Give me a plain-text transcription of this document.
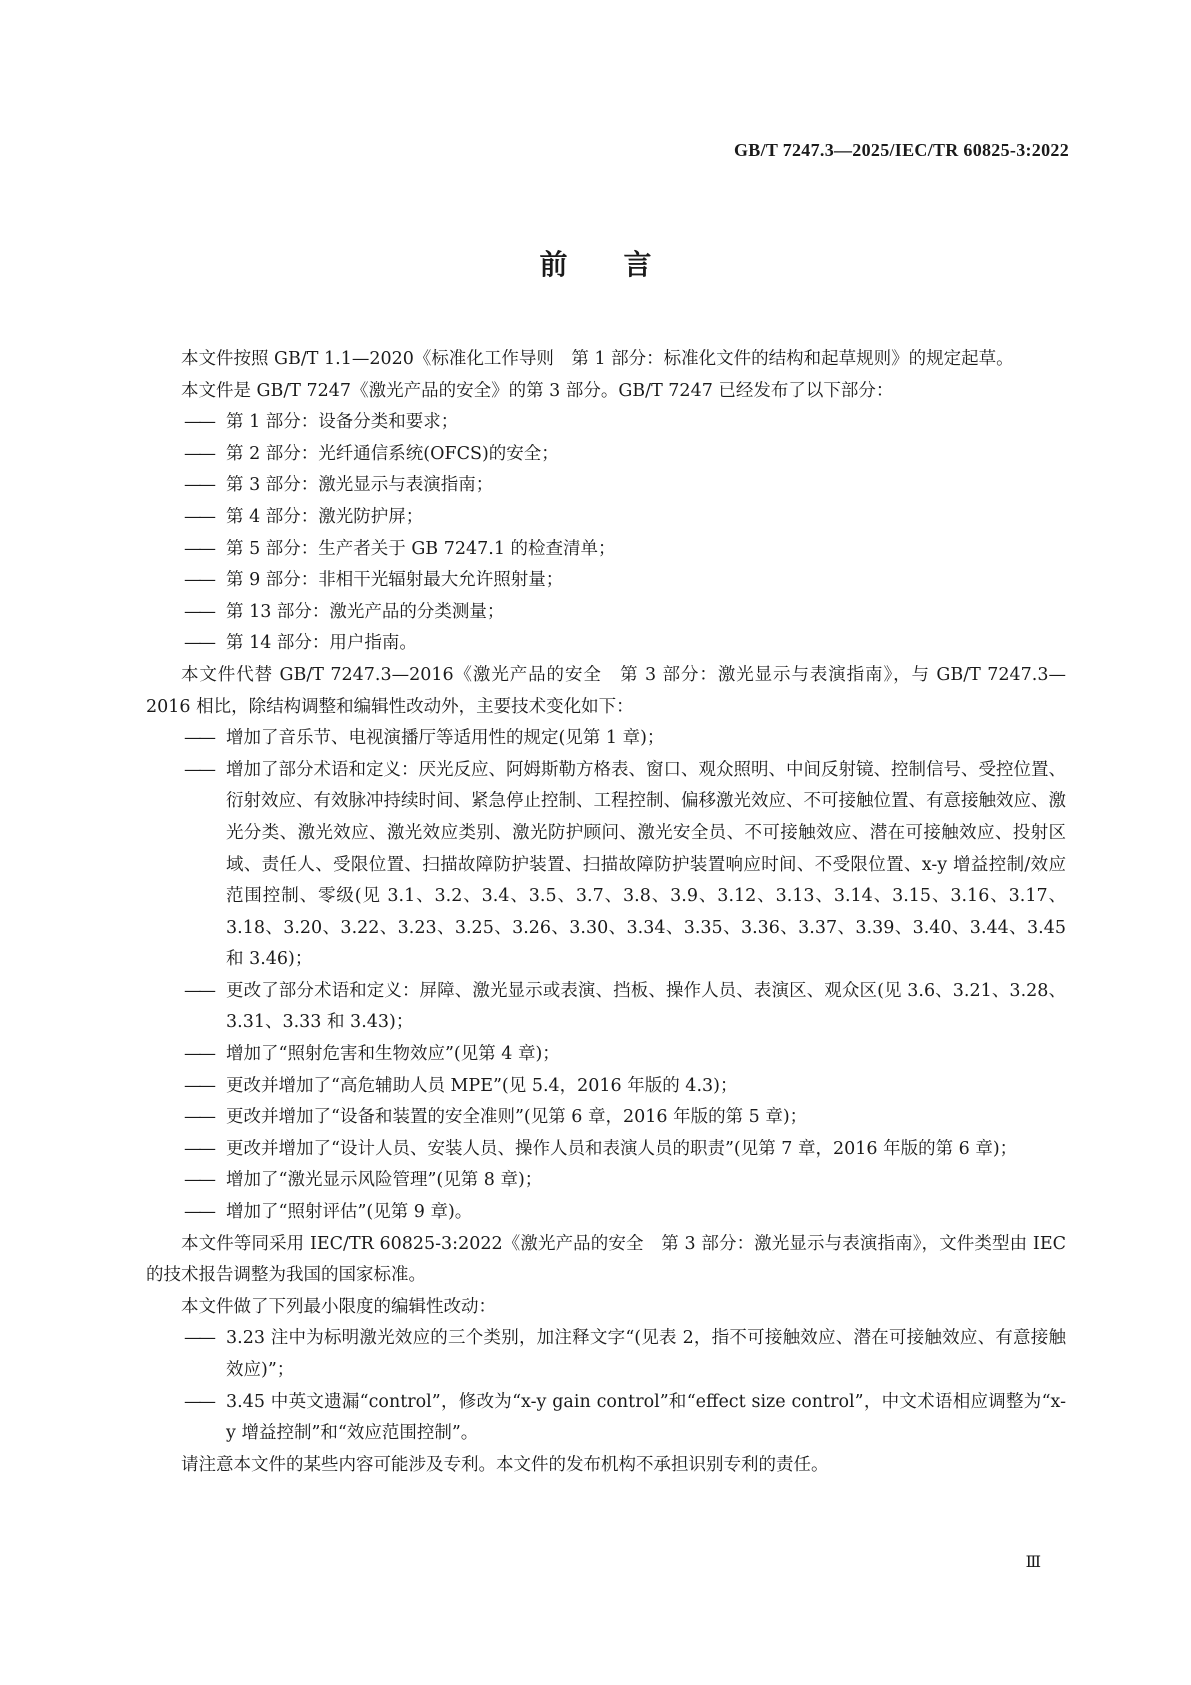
GB/T 7247.3—2025/IEC/TR 60825-3:2022
前言

本文件按照 GB/T 1.1—2020《标准化工作导则　第 1 部分：标准化文件的结构和起草规则》的规定起草。

本文件是 GB/T 7247《激光产品的安全》的第 3 部分。GB/T 7247 已经发布了以下部分：

—— 第 1 部分：设备分类和要求；
—— 第 2 部分：光纤通信系统(OFCS)的安全；
—— 第 3 部分：激光显示与表演指南；
—— 第 4 部分：激光防护屏；
—— 第 5 部分：生产者关于 GB 7247.1 的检查清单；
—— 第 9 部分：非相干光辐射最大允许照射量；
—— 第 13 部分：激光产品的分类测量；
—— 第 14 部分：用户指南。

本文件代替 GB/T 7247.3—2016《激光产品的安全　第 3 部分：激光显示与表演指南》，与 GB/T 7247.3—2016 相比，除结构调整和编辑性改动外，主要技术变化如下：

—— 增加了音乐节、电视演播厅等适用性的规定(见第 1 章)；
—— 增加了部分术语和定义：厌光反应、阿姆斯勒方格表、窗口、观众照明、中间反射镜、控制信号、受控位置、衍射效应、有效脉冲持续时间、紧急停止控制、工程控制、偏移激光效应、不可接触位置、有意接触效应、激光分类、激光效应、激光效应类别、激光防护顾问、激光安全员、不可接触效应、潜在可接触效应、投射区域、责任人、受限位置、扫描故障防护装置、扫描故障防护装置响应时间、不受限位置、x-y 增益控制/效应范围控制、零级(见 3.1、3.2、3.4、3.5、3.7、3.8、3.9、3.12、3.13、3.14、3.15、3.16、3.17、3.18、3.20、3.22、3.23、3.25、3.26、3.30、3.34、3.35、3.36、3.37、3.39、3.40、3.44、3.45 和 3.46)；
—— 更改了部分术语和定义：屏障、激光显示或表演、挡板、操作人员、表演区、观众区(见 3.6、3.21、3.28、3.31、3.33 和 3.43)；
—— 增加了“照射危害和生物效应”(见第 4 章)；
—— 更改并增加了“高危辅助人员 MPE”(见 5.4，2016 年版的 4.3)；
—— 更改并增加了“设备和装置的安全准则”(见第 6 章，2016 年版的第 5 章)；
—— 更改并增加了“设计人员、安装人员、操作人员和表演人员的职责”(见第 7 章，2016 年版的第 6 章)；
—— 增加了“激光显示风险管理”(见第 8 章)；
—— 增加了“照射评估”(见第 9 章)。

本文件等同采用 IEC/TR 60825-3:2022《激光产品的安全　第 3 部分：激光显示与表演指南》，文件类型由 IEC 的技术报告调整为我国的国家标准。

本文件做了下列最小限度的编辑性改动：

—— 3.23 注中为标明激光效应的三个类别，加注释文字“(见表 2，指不可接触效应、潜在可接触效应、有意接触效应)”；
—— 3.45 中英文遗漏“control”，修改为“x-y gain control”和“effect size control”，中文术语相应调整为“x-y 增益控制”和“效应范围控制”。

请注意本文件的某些内容可能涉及专利。本文件的发布机构不承担识别专利的责任。

Ⅲ
